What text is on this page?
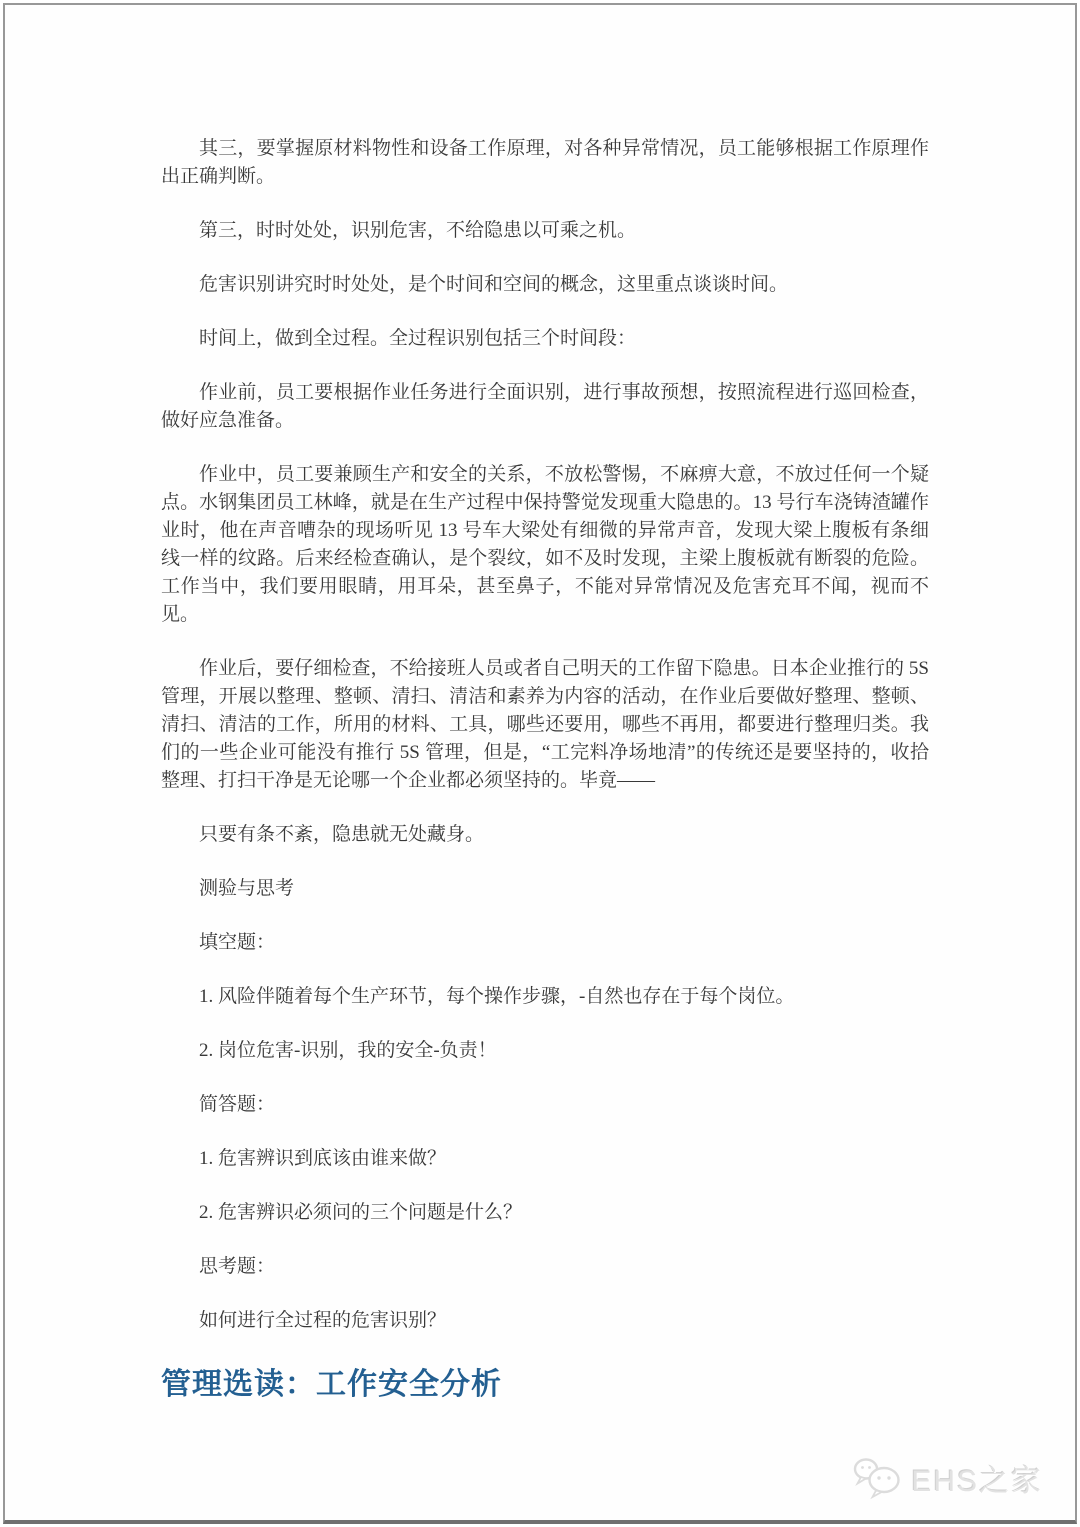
其三，要掌握原材料物性和设备工作原理，对各种异常情况，员工能够根据工作原理作出正确判断。

第三，时时处处，识别危害，不给隐患以可乘之机。

危害识别讲究时时处处，是个时间和空间的概念，这里重点谈谈时间。

时间上，做到全过程。全过程识别包括三个时间段：

作业前，员工要根据作业任务进行全面识别，进行事故预想，按照流程进行巡回检查，做好应急准备。

作业中，员工要兼顾生产和安全的关系，不放松警惕，不麻痹大意，不放过任何一个疑点。水钢集团员工林峰，就是在生产过程中保持警觉发现重大隐患的。13 号行车浇铸渣罐作业时，他在声音嘈杂的现场听见 13 号车大梁处有细微的异常声音，发现大梁上腹板有条细线一样的纹路。后来经检查确认，是个裂纹，如不及时发现，主梁上腹板就有断裂的危险。工作当中，我们要用眼睛，用耳朵，甚至鼻子，不能对异常情况及危害充耳不闻，视而不见。

作业后，要仔细检查，不给接班人员或者自己明天的工作留下隐患。日本企业推行的 5S 管理，开展以整理、整顿、清扫、清洁和素养为内容的活动，在作业后要做好整理、整顿、清扫、清洁的工作，所用的材料、工具，哪些还要用，哪些不再用，都要进行整理归类。我们的一些企业可能没有推行 5S 管理，但是，“工完料净场地清”的传统还是要坚持的，收拾整理、打扫干净是无论哪一个企业都必须坚持的。毕竟——

只要有条不紊，隐患就无处藏身。

测验与思考

填空题：

1. 风险伴随着每个生产环节，每个操作步骤，-自然也存在于每个岗位。

2. 岗位危害-识别，我的安全-负责！

简答题：

1. 危害辨识到底该由谁来做？

2. 危害辨识必须问的三个问题是什么？

思考题：

如何进行全过程的危害识别？

管理选读：工作安全分析
EHS之家
